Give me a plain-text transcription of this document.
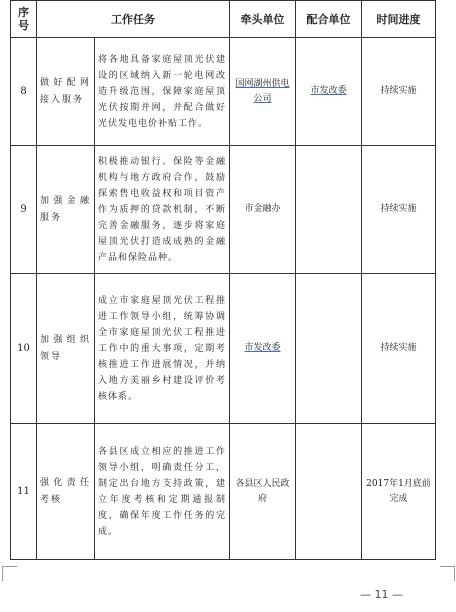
序
号	工作任务		牵头单位	配合单位	时间进度
8	做好配网接入服务	将各地具备家庭屋顶光伏建设的区域纳入新一轮电网改造升级范围，保障家庭屋顶光伏按期并网，并配合做好光伏发电电价补贴工作。	国网湖州供电公司	市发改委	持续实施
9	加强金融服务	积极推动银行、保险等金融机构与地方政府合作，鼓励探索售电收益权和项目资产作为质押的贷款机制，不断完善金融服务，逐步将家庭屋顶光伏打造成成熟的金融产品和保险品种。	市金融办		持续实施
10	加强组织领导	成立市家庭屋顶光伏工程推进工作领导小组，统筹协调全市家庭屋顶光伏工程推进工作中的重大事项，定期考核推进工作进展情况，并纳入地方美丽乡村建设评价考核体系。	市发改委		持续实施
11	强化责任考核	各县区成立相应的推进工作领导小组，明确责任分工，制定出台地方支持政策，建立年度考核和定期通报制度，确保年度工作任务的完成。	各县区人民政府		2017年1月底前完成
— 11 —
